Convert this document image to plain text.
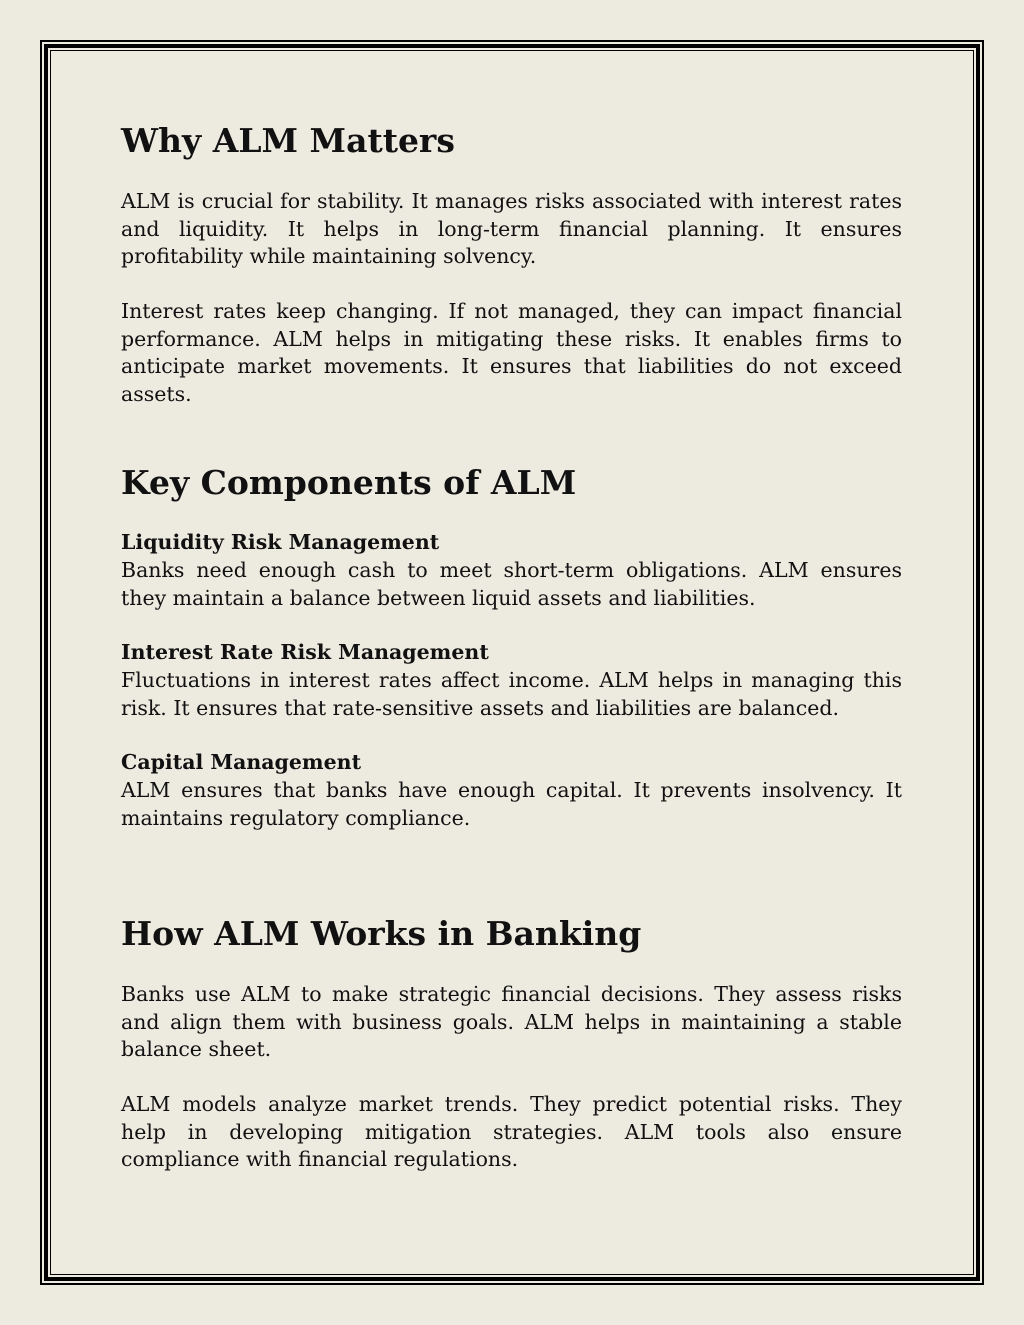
Why ALM Matters

ALM is crucial for stability. It manages risks associated with interest rates and liquidity. It helps in long-term financial planning. It ensures profitability while maintaining solvency.

Interest rates keep changing. If not managed, they can impact financial performance. ALM helps in mitigating these risks. It enables firms to anticipate market movements. It ensures that liabilities do not exceed assets.

Key Components of ALM
Liquidity Risk Management

Banks need enough cash to meet short-term obligations. ALM ensures they maintain a balance between liquid assets and liabilities.

Interest Rate Risk Management

Fluctuations in interest rates affect income. ALM helps in managing this risk. It ensures that rate-sensitive assets and liabilities are balanced.

Capital Management

ALM ensures that banks have enough capital. It prevents insolvency. It maintains regulatory compliance.

How ALM Works in Banking

Banks use ALM to make strategic financial decisions. They assess risks and align them with business goals. ALM helps in maintaining a stable balance sheet.

ALM models analyze market trends. They predict potential risks. They help in developing mitigation strategies. ALM tools also ensure compliance with financial regulations.
